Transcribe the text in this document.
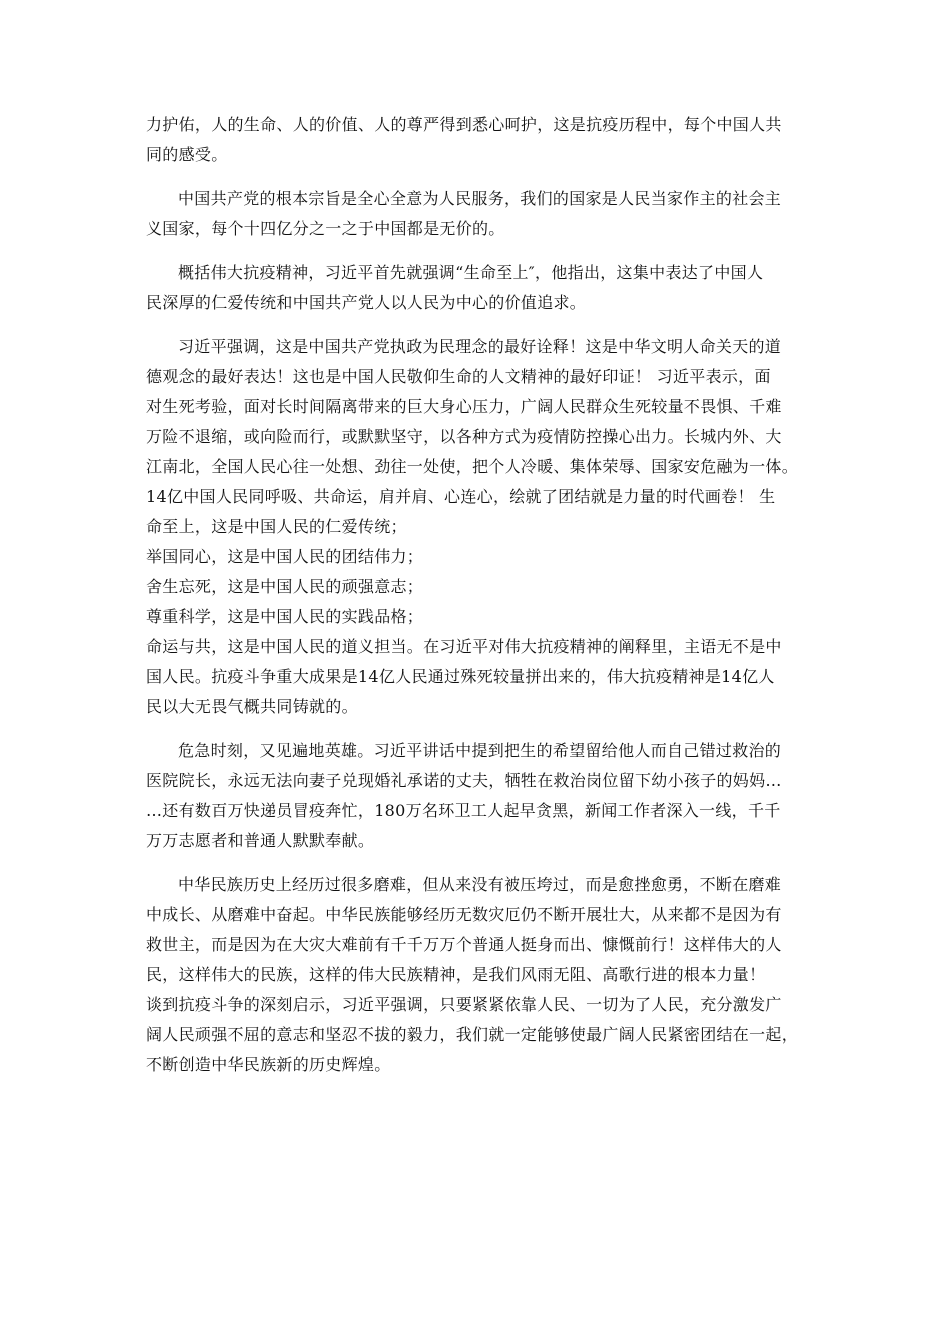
力护佑，人的生命、人的价值、人的尊严得到悉心呵护，这是抗疫历程中，每个中国人共
同的感受。

中国共产党的根本宗旨是全心全意为人民服务，我们的国家是人民当家作主的社会主
义国家，每个十四亿分之一之于中国都是无价的。

概括伟大抗疫精神，习近平首先就强调“生命至上″，他指出，这集中表达了中国人
民深厚的仁爱传统和中国共产党人以人民为中心的价值追求。

习近平强调，这是中国共产党执政为民理念的最好诠释！这是中华文明人命关天的道
德观念的最好表达！这也是中国人民敬仰生命的人文精神的最好印证！ 习近平表示，面
对生死考验，面对长时间隔离带来的巨大身心压力，广阔人民群众生死较量不畏惧、千难
万险不退缩，或向险而行，或默默坚守，以各种方式为疫情防控操心出力。长城内外、大
江南北，全国人民心往一处想、劲往一处使，把个人冷暖、集体荣辱、国家安危融为一体。
14亿中国人民同呼吸、共命运，肩并肩、心连心，绘就了团结就是力量的时代画卷！ 生
命至上，这是中国人民的仁爱传统；
举国同心，这是中国人民的团结伟力；
舍生忘死，这是中国人民的顽强意志；
尊重科学，这是中国人民的实践品格；
命运与共，这是中国人民的道义担当。在习近平对伟大抗疫精神的阐释里，主语无不是中
国人民。抗疫斗争重大成果是14亿人民通过殊死较量拼出来的，伟大抗疫精神是14亿人
民以大无畏气概共同铸就的。

危急时刻，又见遍地英雄。习近平讲话中提到把生的希望留给他人而自己错过救治的
医院院长，永远无法向妻子兑现婚礼承诺的丈夫，牺牲在救治岗位留下幼小孩子的妈妈…
…还有数百万快递员冒疫奔忙，180万名环卫工人起早贪黑，新闻工作者深入一线，千千
万万志愿者和普通人默默奉献。

中华民族历史上经历过很多磨难，但从来没有被压垮过，而是愈挫愈勇，不断在磨难
中成长、从磨难中奋起。中华民族能够经历无数灾厄仍不断开展壮大，从来都不是因为有
救世主，而是因为在大灾大难前有千千万万个普通人挺身而出、慷慨前行！这样伟大的人
民，这样伟大的民族，这样的伟大民族精神，是我们风雨无阻、高歌行进的根本力量！
谈到抗疫斗争的深刻启示，习近平强调，只要紧紧依靠人民、一切为了人民，充分激发广
阔人民顽强不屈的意志和坚忍不拔的毅力，我们就一定能够使最广阔人民紧密团结在一起，
不断创造中华民族新的历史辉煌。
